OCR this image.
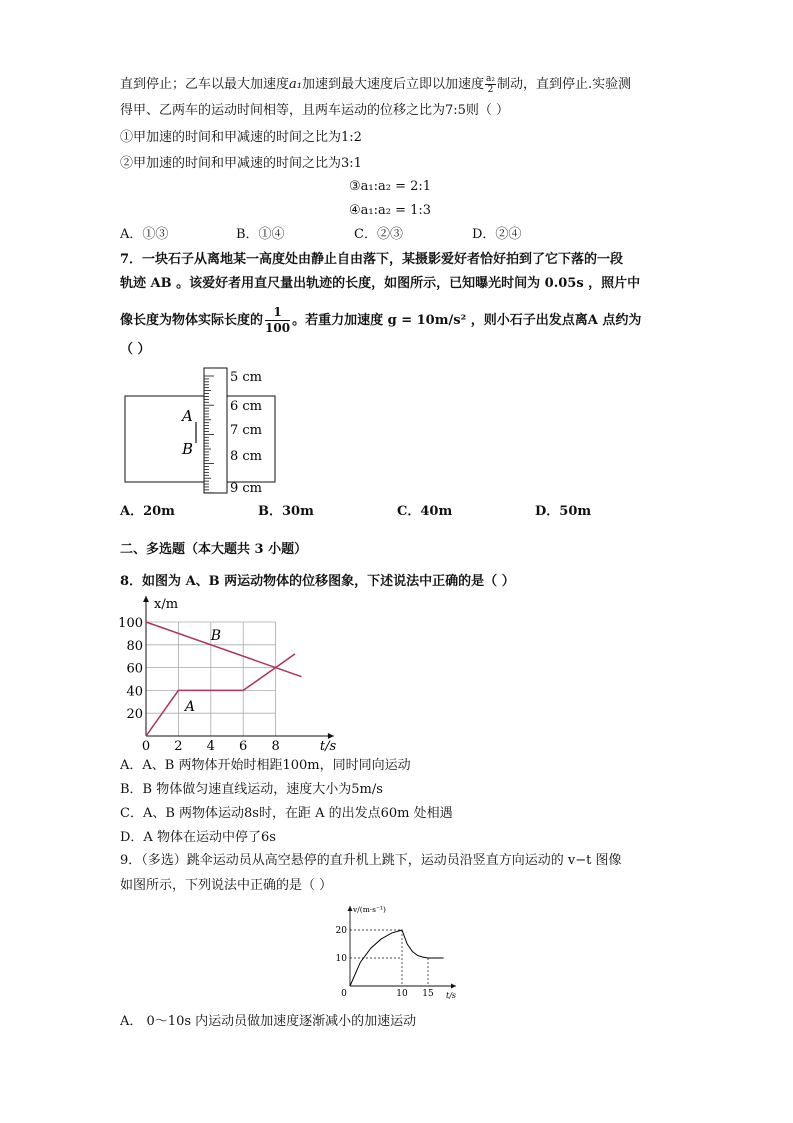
直到停止；乙车以最大加速度a₁加速到最大速度后立即以加速度 $\frac{\text{a₂}}{2}$ 制动，直到停止.实验测
得甲、乙两车的运动时间相等，且两车运动的位移之比为7:5则（ ）
①甲加速的时间和甲减速的时间之比为1:2
②甲加速的时间和甲减速的时间之比为3:1
③a₁:a₂ = 2:1
④a₁:a₂ = 1:3
A．①③	B．①④	C．②③	D．②④
7．一块石子从离地某一高度处由静止自由落下，某摄影爱好者恰好拍到了它下落的一段
轨迹 AB 。该爱好者用直尺量出轨迹的长度，如图所示，已知曝光时间为 0.05s ，照片中
像长度为物体实际长度的 $\frac{1}{100}$ 。若重力加速度 g = 10m/s² ，则小石子出发点离A 点约为
（ ）
A
B
5 cm
6 cm
7 cm
8 cm
9 cm
A．20m	B．30m	C．40m	D．50m
二、多选题（本大题共 3 小题）
8．如图为 A、B 两运动物体的位移图象，下述说法中正确的是（ ）
0 2 4 6 8
20
40
60
80
100
x/m
t/s
A
B
A．A、B 两物体开始时相距100m，同时同向运动
B．B 物体做匀速直线运动，速度大小为5m/s
C．A、B 两物体运动8s时，在距 A 的出发点60m 处相遇
D．A 物体在运动中停了6s
9．（多选）跳伞运动员从高空悬停的直升机上跳下，运动员沿竖直方向运动的 v−t 图像
如图所示，下列说法中正确的是（ ）
0	10 15
10
20
v/(m·s⁻¹)
t/s
A． 0～10s 内运动员做加速度逐渐减小的加速运动
